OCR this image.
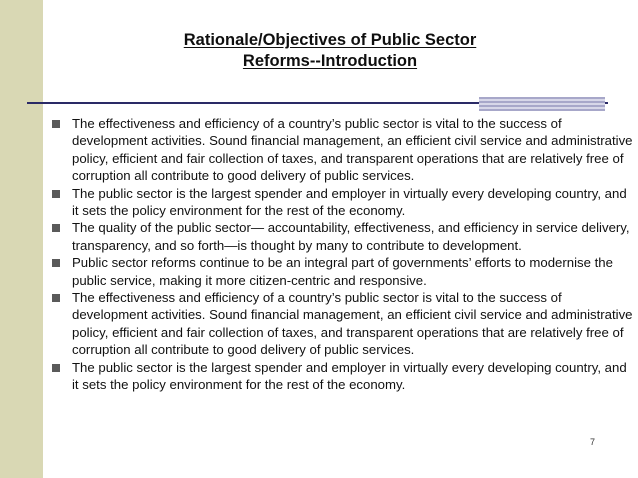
Rationale/Objectives of Public Sector
Reforms--Introduction
The effectiveness and efficiency of a country’s public sector is vital to the success of development activities. Sound financial management, an efficient civil service and administrative policy, efficient and fair collection of taxes, and transparent operations that are relatively free of corruption all contribute to good delivery of public services.
The public sector is the largest spender and employer in virtually every developing country, and it sets the policy environment for the rest of the economy.
The quality of the public sector— accountability, effectiveness, and efficiency in service delivery, transparency, and so forth—is thought by many to contribute to development.
Public sector reforms continue to be an integral part of governments’ efforts to modernise the public service, making it more citizen-centric and responsive.
The effectiveness and efficiency of a country’s public sector is vital to the success of development activities. Sound financial management, an efficient civil service and administrative policy, efficient and fair collection of taxes, and transparent operations that are relatively free of corruption all contribute to good delivery of public services.
The public sector is the largest spender and employer in virtually every developing country, and it sets the policy environment for the rest of the economy.
7
